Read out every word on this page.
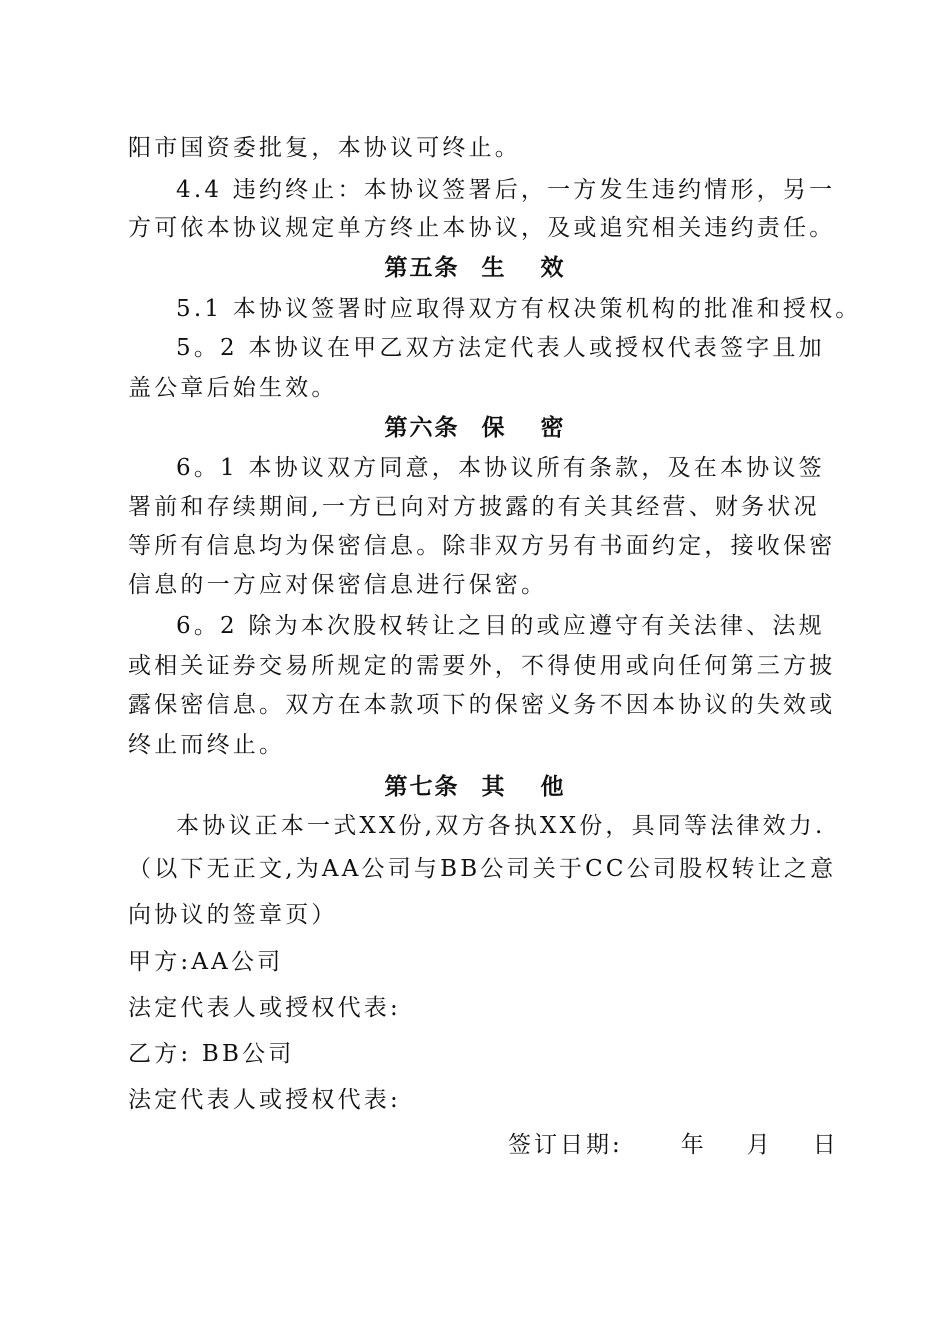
阳市国资委批复，本协议可终止。
4.4 违约终止：本协议签署后，一方发生违约情形，另一
方可依本协议规定单方终止本协议，及或追究相关违约责任。
第五条 生 效
5.1 本协议签署时应取得双方有权决策机构的批准和授权。
5。2 本协议在甲乙双方法定代表人或授权代表签字且加
盖公章后始生效。
第六条 保 密
6。1 本协议双方同意，本协议所有条款，及在本协议签
署前和存续期间,一方已向对方披露的有关其经营、财务状况
等所有信息均为保密信息。除非双方另有书面约定，接收保密
信息的一方应对保密信息进行保密。
6。2 除为本次股权转让之目的或应遵守有关法律、法规
或相关证券交易所规定的需要外，不得使用或向任何第三方披
露保密信息。双方在本款项下的保密义务不因本协议的失效或
终止而终止。
第七条 其 他
本协议正本一式XX份,双方各执XX份，具同等法律效力.
（以下无正文,为AA公司与BB公司关于CC公司股权转让之意
向协议的签章页）
甲方:AA公司
法定代表人或授权代表:
乙方: BB公司
法定代表人或授权代表:
签订日期:	年 月 日
